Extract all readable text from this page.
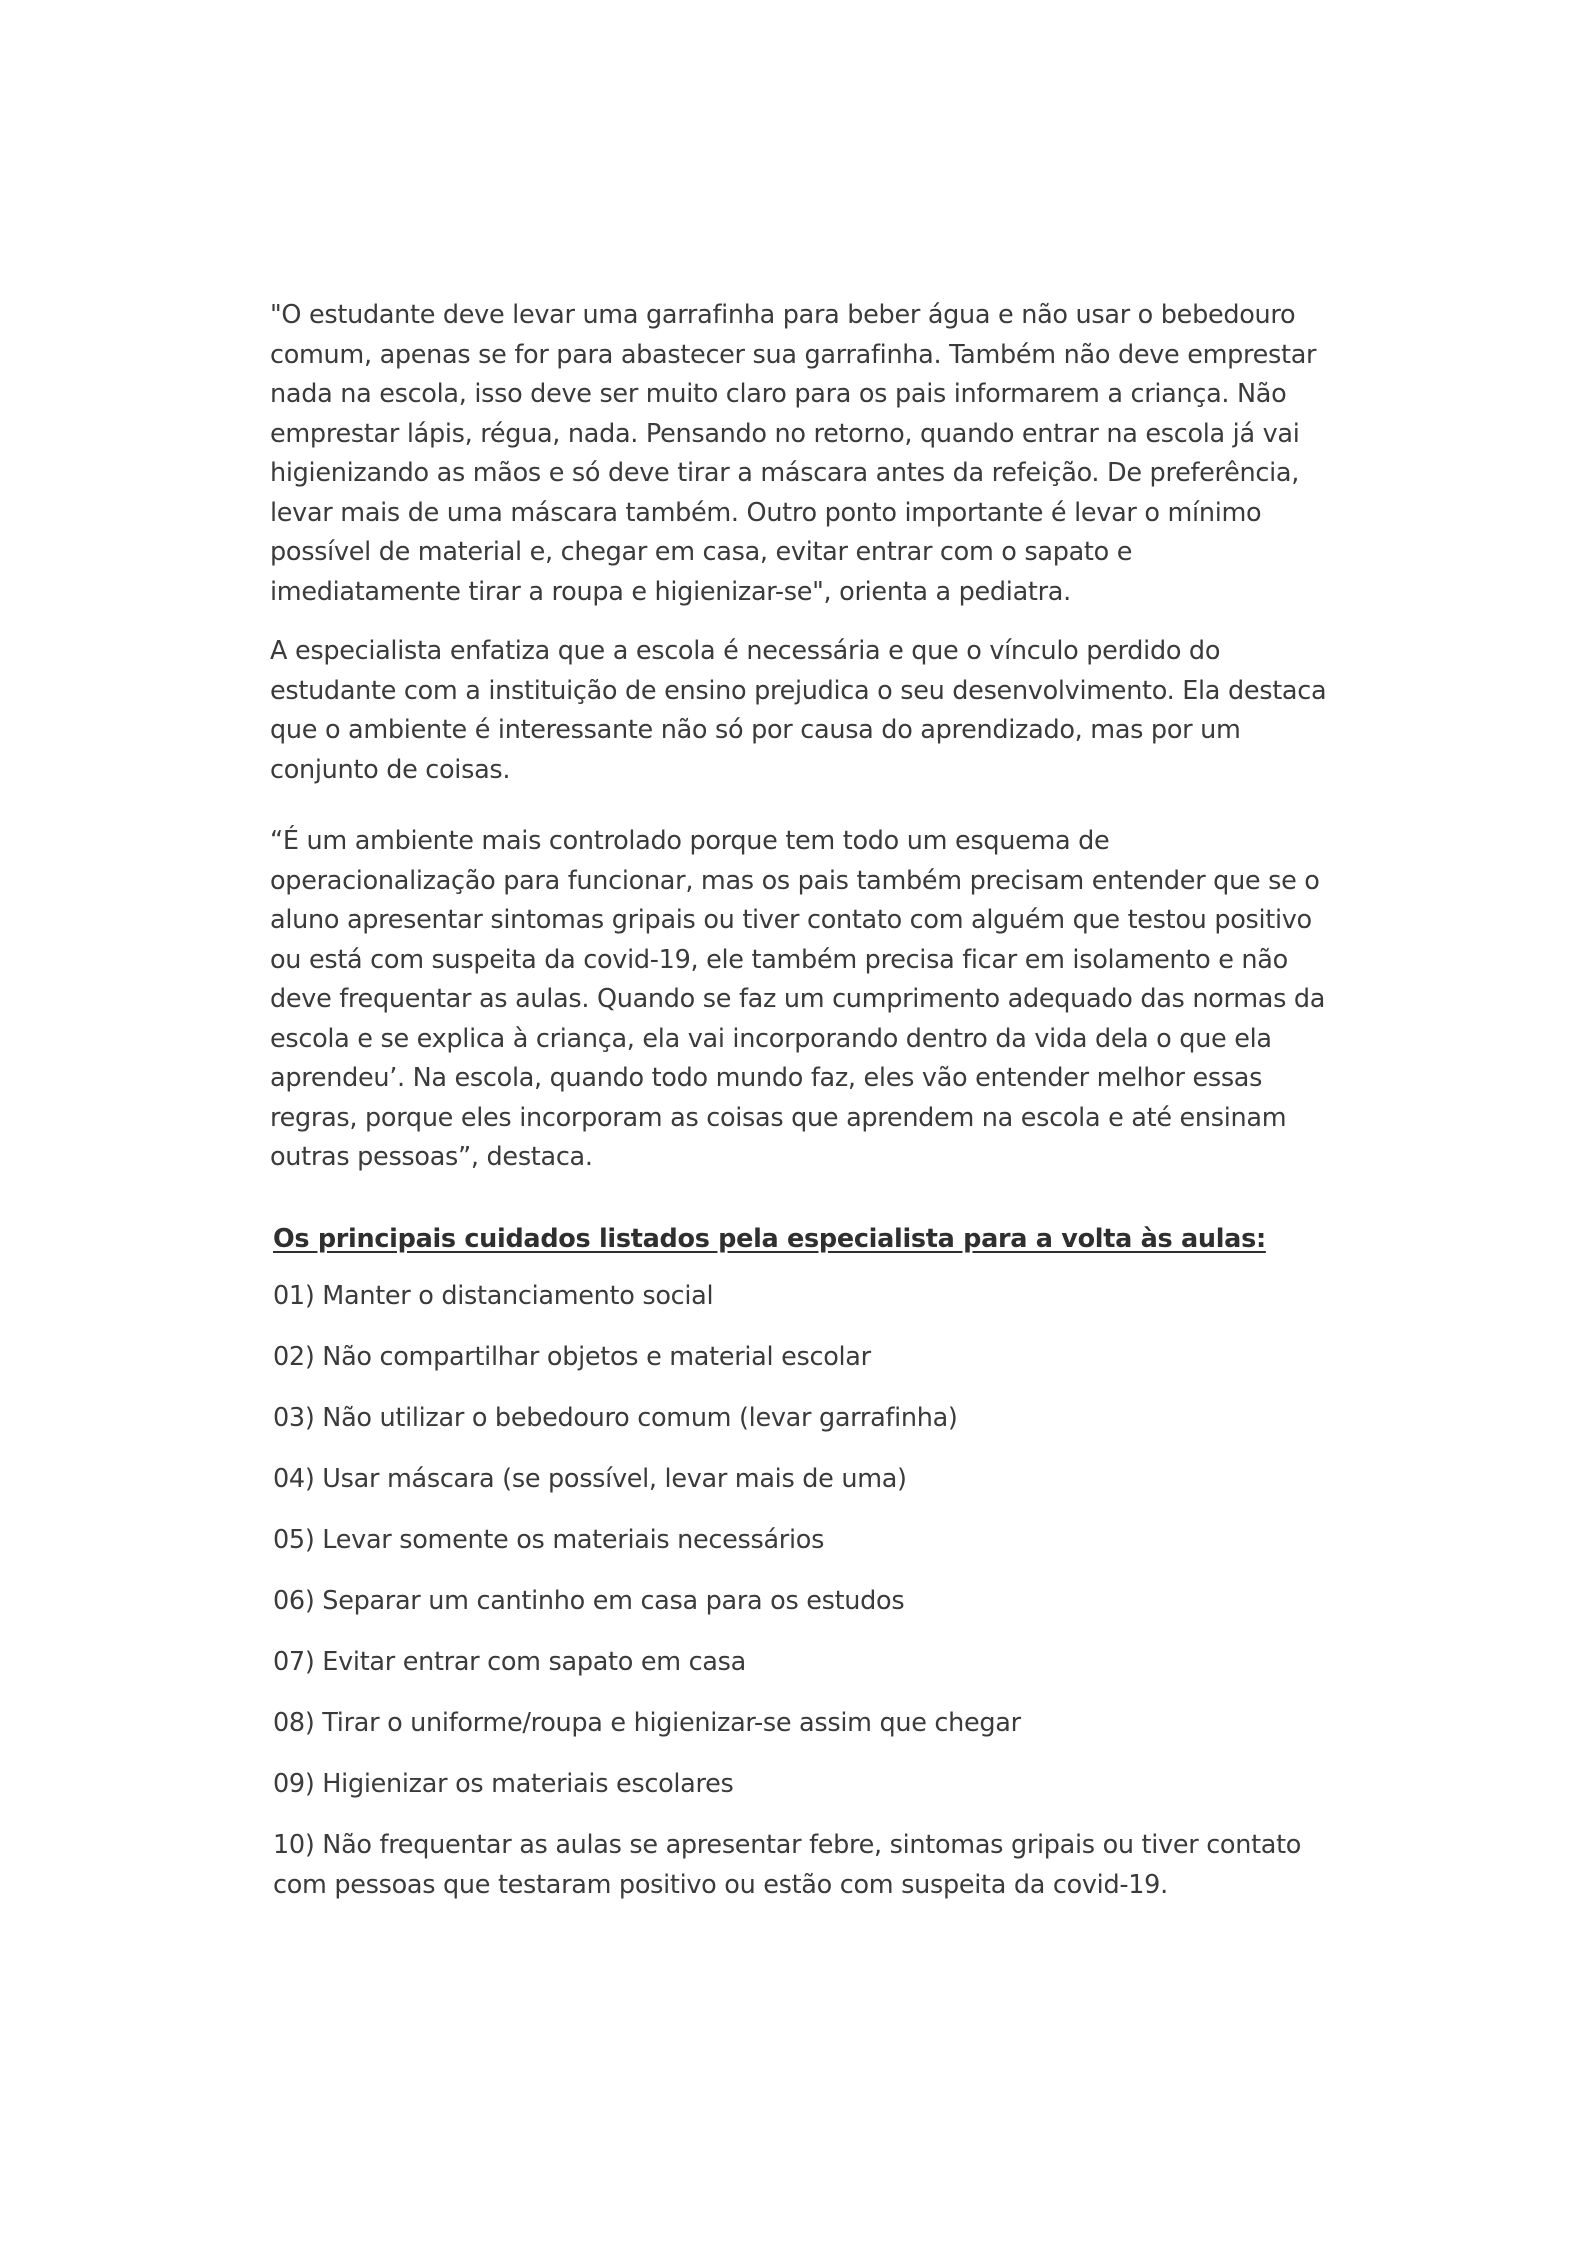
"O estudante deve levar uma garrafinha para beber água e não usar o bebedouro comum, apenas se for para abastecer sua garrafinha. Também não deve emprestar nada na escola, isso deve ser muito claro para os pais informarem a criança. Não emprestar lápis, régua, nada. Pensando no retorno, quando entrar na escola já vai higienizando as mãos e só deve tirar a máscara antes da refeição. De preferência, levar mais de uma máscara também. Outro ponto importante é levar o mínimo possível de material e, chegar em casa, evitar entrar com o sapato e imediatamente tirar a roupa e higienizar-se", orienta a pediatra.

A especialista enfatiza que a escola é necessária e que o vínculo perdido do estudante com a instituição de ensino prejudica o seu desenvolvimento. Ela destaca que o ambiente é interessante não só por causa do aprendizado, mas por um conjunto de coisas.

“É um ambiente mais controlado porque tem todo um esquema de operacionalização para funcionar, mas os pais também precisam entender que se o aluno apresentar sintomas gripais ou tiver contato com alguém que testou positivo ou está com suspeita da covid-19, ele também precisa ficar em isolamento e não deve frequentar as aulas. Quando se faz um cumprimento adequado das normas da escola e se explica à criança, ela vai incorporando dentro da vida dela o que ela aprendeu’. Na escola, quando todo mundo faz, eles vão entender melhor essas regras, porque eles incorporam as coisas que aprendem na escola e até ensinam outras pessoas”, destaca.

Os principais cuidados listados pela especialista para a volta às aulas:
01) Manter o distanciamento social
02) Não compartilhar objetos e material escolar
03) Não utilizar o bebedouro comum (levar garrafinha)
04) Usar máscara (se possível, levar mais de uma)
05) Levar somente os materiais necessários
06) Separar um cantinho em casa para os estudos
07) Evitar entrar com sapato em casa
08) Tirar o uniforme/roupa e higienizar-se assim que chegar
09) Higienizar os materiais escolares
10) Não frequentar as aulas se apresentar febre, sintomas gripais ou tiver contato com pessoas que testaram positivo ou estão com suspeita da covid-19.
